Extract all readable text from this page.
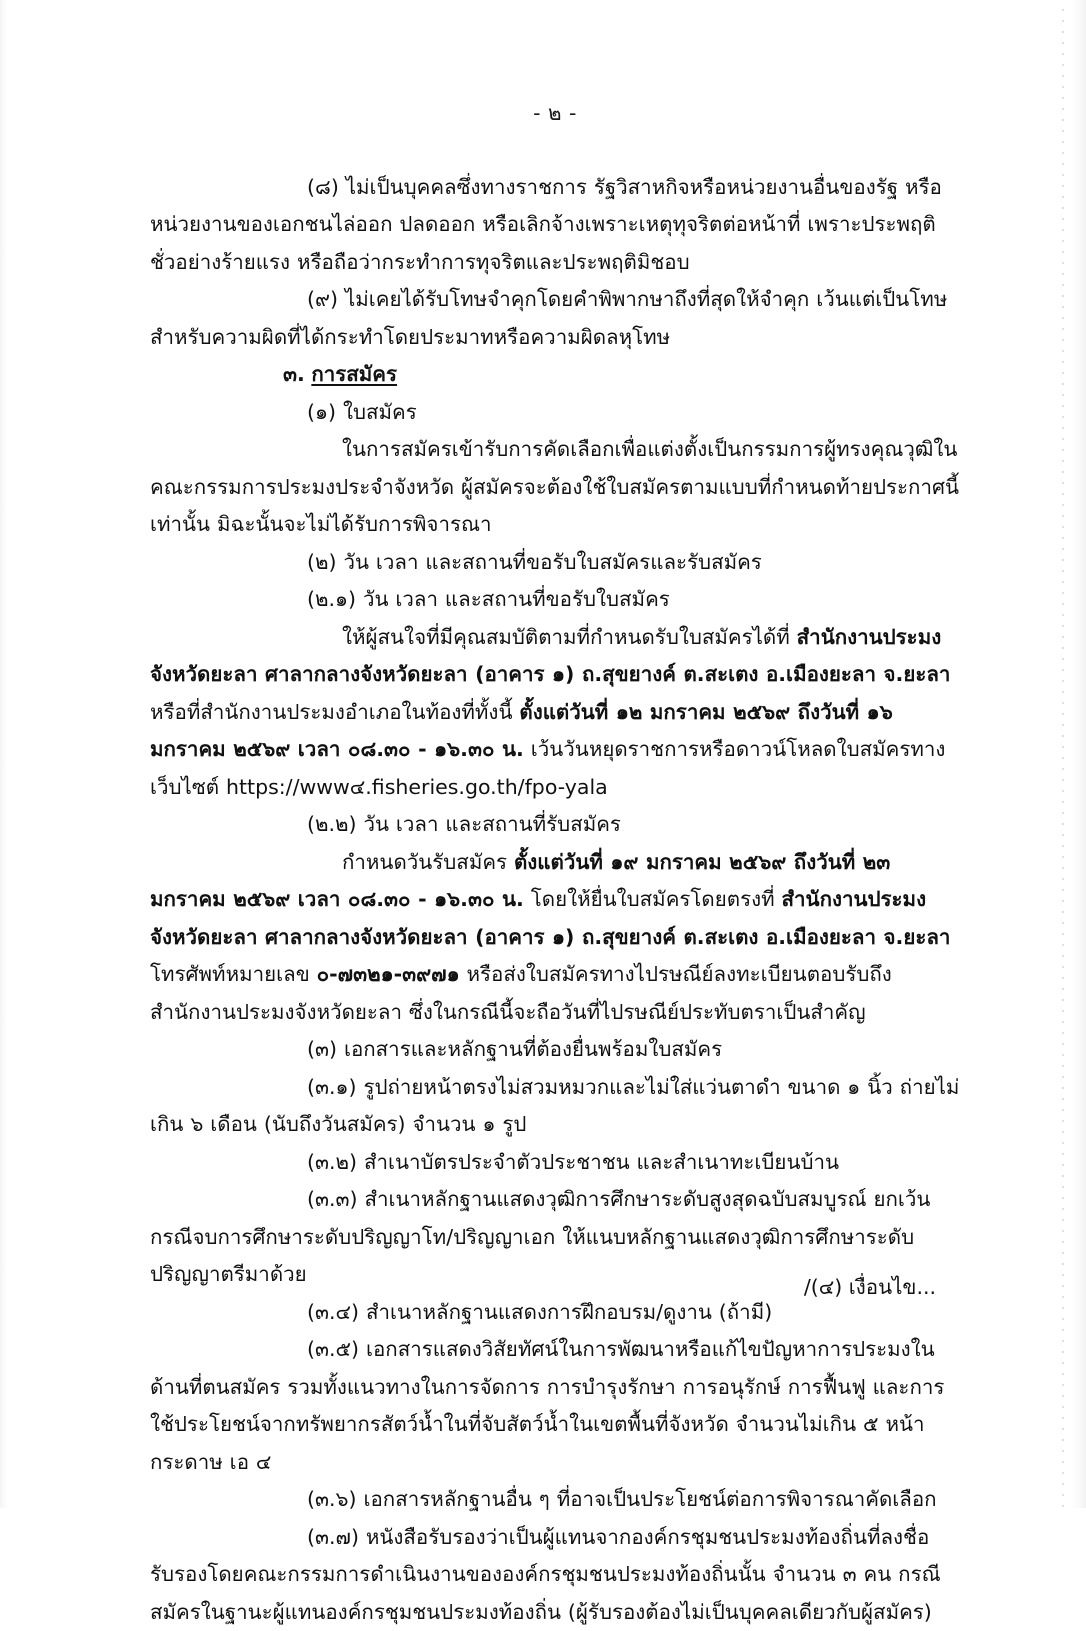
- ๒ -

(๘) ไม่เป็นบุคคลซึ่งทางราชการ รัฐวิสาหกิจหรือหน่วยงานอื่นของรัฐ หรือหน่วยงานของเอกชนไล่ออก ปลดออก หรือเลิกจ้างเพราะเหตุทุจริตต่อหน้าที่ เพราะประพฤติชั่วอย่างร้ายแรง หรือถือว่ากระทำการทุจริตและประพฤติมิชอบ

(๙) ไม่เคยได้รับโทษจำคุกโดยคำพิพากษาถึงที่สุดให้จำคุก เว้นแต่เป็นโทษสำหรับความผิดที่ได้กระทำโดยประมาทหรือความผิดลหุโทษ

๓. การสมัคร

(๑) ใบสมัคร

ในการสมัครเข้ารับการคัดเลือกเพื่อแต่งตั้งเป็นกรรมการผู้ทรงคุณวุฒิในคณะกรรมการประมงประจำจังหวัด ผู้สมัครจะต้องใช้ใบสมัครตามแบบที่กำหนดท้ายประกาศนี้เท่านั้น มิฉะนั้นจะไม่ได้รับการพิจารณา

(๒) วัน เวลา และสถานที่ขอรับใบสมัครและรับสมัคร

(๒.๑) วัน เวลา และสถานที่ขอรับใบสมัคร

ให้ผู้สนใจที่มีคุณสมบัติตามที่กำหนดรับใบสมัครได้ที่ สำนักงานประมงจังหวัดยะลา ศาลากลางจังหวัดยะลา (อาคาร ๑) ถ.สุขยางค์ ต.สะเตง อ.เมืองยะลา จ.ยะลา หรือที่สำนักงานประมงอำเภอในท้องที่ทั้งนี้ ตั้งแต่วันที่ ๑๒ มกราคม ๒๕๖๙ ถึงวันที่ ๑๖ มกราคม ๒๕๖๙ เวลา ๐๘.๓๐ - ๑๖.๓๐ น. เว้นวันหยุดราชการหรือดาวน์โหลดใบสมัครทางเว็บไซต์ https://www๔.fisheries.go.th/fpo-yala

(๒.๒) วัน เวลา และสถานที่รับสมัคร

กำหนดวันรับสมัคร ตั้งแต่วันที่ ๑๙ มกราคม ๒๕๖๙ ถึงวันที่ ๒๓ มกราคม ๒๕๖๙ เวลา ๐๘.๓๐ - ๑๖.๓๐ น. โดยให้ยื่นใบสมัครโดยตรงที่ สำนักงานประมงจังหวัดยะลา ศาลากลางจังหวัดยะลา (อาคาร ๑) ถ.สุขยางค์ ต.สะเตง อ.เมืองยะลา จ.ยะลา โทรศัพท์หมายเลข ๐-๗๓๒๑-๓๙๗๑ หรือส่งใบสมัครทางไปรษณีย์ลงทะเบียนตอบรับถึงสำนักงานประมงจังหวัดยะลา ซึ่งในกรณีนี้จะถือวันที่ไปรษณีย์ประทับตราเป็นสำคัญ

(๓) เอกสารและหลักฐานที่ต้องยื่นพร้อมใบสมัคร

(๓.๑) รูปถ่ายหน้าตรงไม่สวมหมวกและไม่ใส่แว่นตาดำ ขนาด ๑ นิ้ว ถ่ายไม่เกิน ๖ เดือน (นับถึงวันสมัคร) จำนวน ๑ รูป

(๓.๒) สำเนาบัตรประจำตัวประชาชน และสำเนาทะเบียนบ้าน

(๓.๓) สำเนาหลักฐานแสดงวุฒิการศึกษาระดับสูงสุดฉบับสมบูรณ์ ยกเว้นกรณีจบการศึกษาระดับปริญญาโท/ปริญญาเอก ให้แนบหลักฐานแสดงวุฒิการศึกษาระดับปริญญาตรีมาด้วย

(๓.๔) สำเนาหลักฐานแสดงการฝึกอบรม/ดูงาน (ถ้ามี)

(๓.๕) เอกสารแสดงวิสัยทัศน์ในการพัฒนาหรือแก้ไขปัญหาการประมงในด้านที่ตนสมัคร รวมทั้งแนวทางในการจัดการ การบำรุงรักษา การอนุรักษ์ การฟื้นฟู และการใช้ประโยชน์จากทรัพยากรสัตว์น้ำในที่จับสัตว์น้ำในเขตพื้นที่จังหวัด จำนวนไม่เกิน ๕ หน้ากระดาษ เอ ๔

(๓.๖) เอกสารหลักฐานอื่น ๆ ที่อาจเป็นประโยชน์ต่อการพิจารณาคัดเลือก

(๓.๗) หนังสือรับรองว่าเป็นผู้แทนจากองค์กรชุมชนประมงท้องถิ่นที่ลงชื่อรับรองโดยคณะกรรมการดำเนินงานขององค์กรชุมชนประมงท้องถิ่นนั้น จำนวน ๓ คน กรณีสมัครในฐานะผู้แทนองค์กรชุมชนประมงท้องถิ่น (ผู้รับรองต้องไม่เป็นบุคคลเดียวกับผู้สมัคร)

/(๔) เงื่อนไข...
